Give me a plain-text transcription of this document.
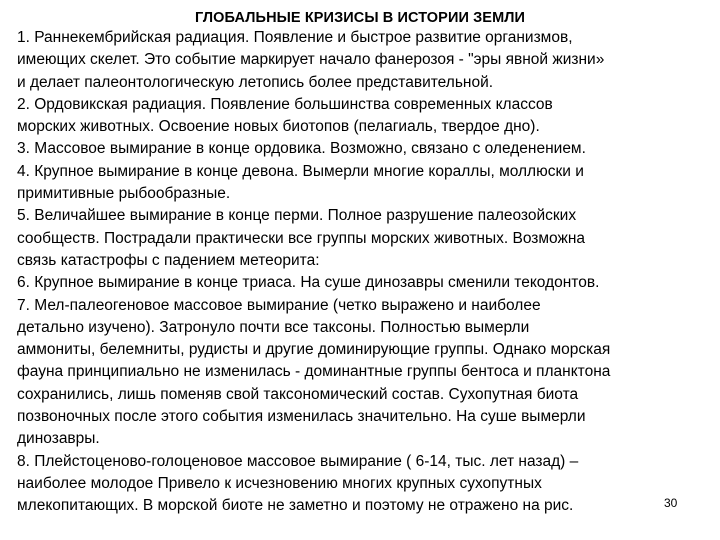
ГЛОБАЛЬНЫЕ КРИЗИСЫ В ИСТОРИИ ЗЕМЛИ
1. Раннекембрийская радиация. Появление и быстрое развитие организмов,
имеющих скелет. Это событие маркирует начало фанерозоя - "эры явной жизни»
и делает палеонтологическую летопись более представительной.
2. Ордовикская радиация. Появление большинства современных классов
морских животных. Освоение новых биотопов (пелагиаль, твердое дно).
3. Массовое вымирание в конце ордовика. Возможно, связано с оледенением.
4. Крупное вымирание в конце девона. Вымерли многие кораллы, моллюски и
примитивные рыбообразные.
5. Величайшее вымирание в конце перми. Полное разрушение палеозойских
сообществ. Пострадали практически все группы морских животных. Возможна
связь катастрофы с падением метеорита:
6. Крупное вымирание в конце триаса. На суше динозавры сменили текодонтов.
7. Мел-палеогеновое массовое вымирание (четко выражено и наиболее
детально изучено). Затронуло почти все таксоны. Полностью вымерли
аммониты, белемниты, рудисты и другие доминирующие группы. Однако морская
фауна принципиально не изменилась - доминантные группы бентоса и планктона
сохранились, лишь поменяв свой таксономический состав. Сухопутная биота
позвоночных после этого события изменилась значительно. На суше вымерли
динозавры.
8. Плейстоценово-голоценовое массовое вымирание ( 6-14, тыс. лет назад) –
наиболее молодое Привело к исчезновению многих крупных сухопутных
млекопитающих. В морской биоте не заметно и поэтому не отражено на рис.	30
